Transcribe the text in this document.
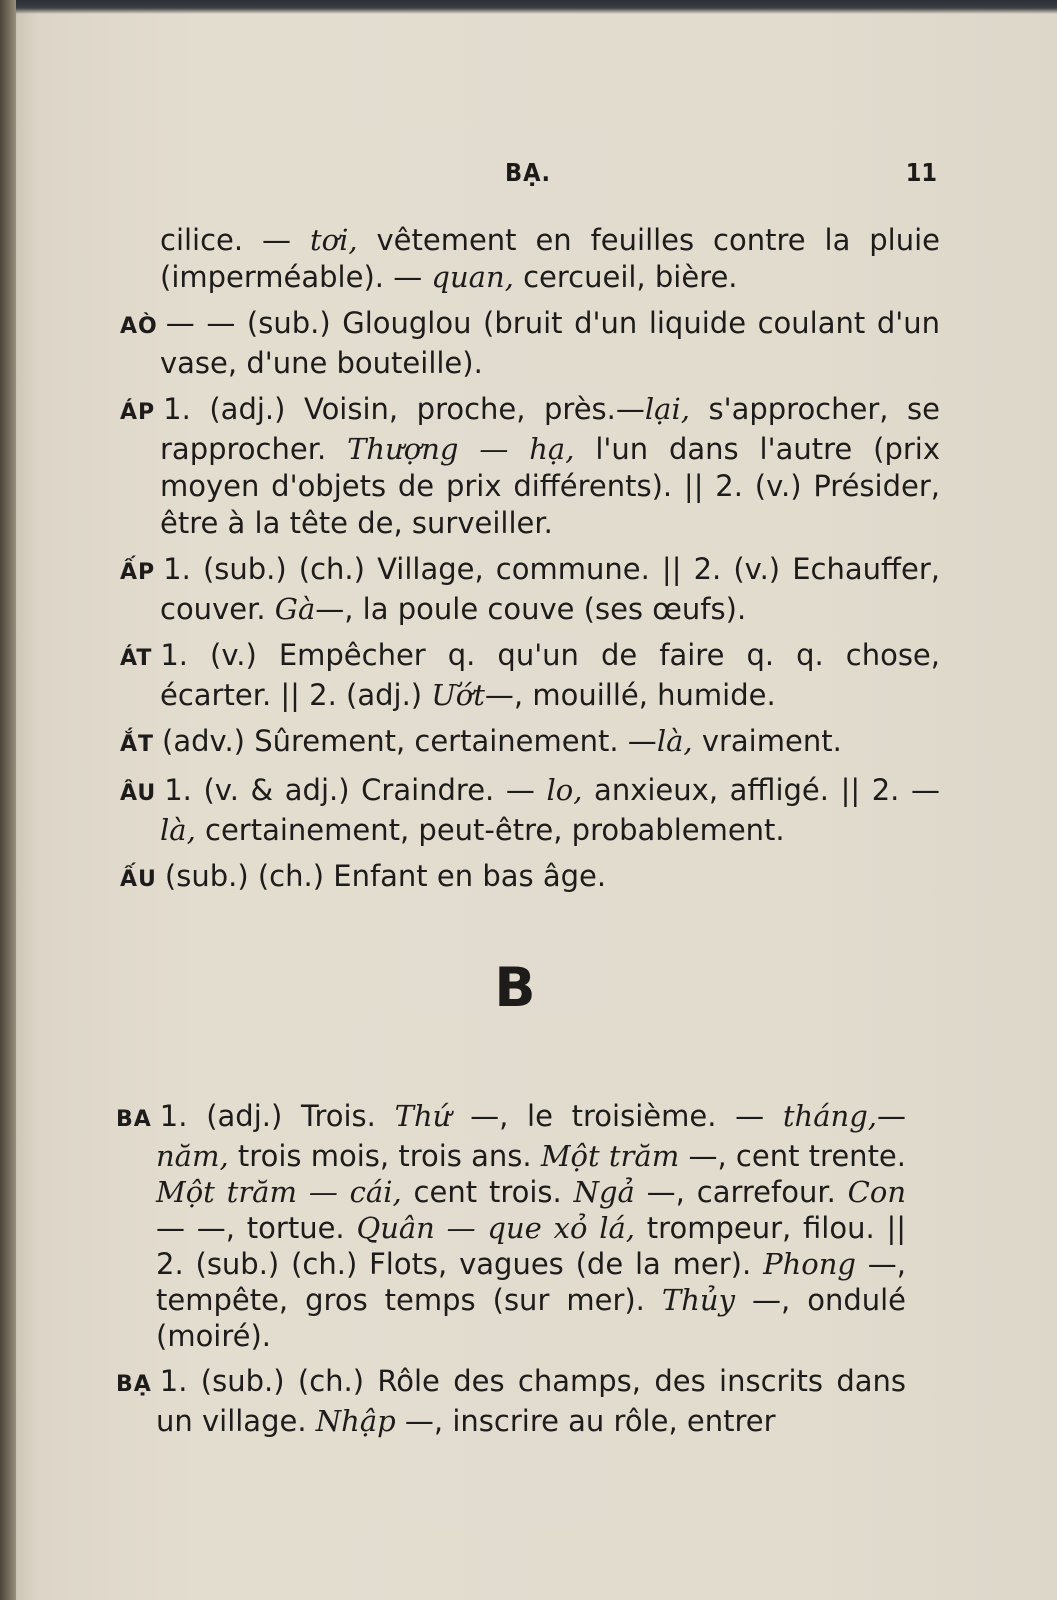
BẠ.	11

cilice. — tơi, vêtement en feuilles contre la pluie (imperméable). — quan, cercueil, bière.

AÒ — — (sub.) Glouglou (bruit d'un liquide coulant d'un vase, d'une bouteille).

ÁP 1. (adj.) Voisin, proche, près.—lại, s'approcher, se rapprocher. Thượng — hạ, l'un dans l'autre (prix moyen d'objets de prix différents). || 2. (v.) Présider, être à la tête de, surveiller.

ẤP 1. (sub.) (ch.) Village, commune. || 2. (v.) Echauffer, couver. Gà—, la poule couve (ses œufs).

ÁT 1. (v.) Empêcher q. qu'un de faire q. q. chose, écarter. || 2. (adj.) Ướt—, mouillé, humide.

ẮT (adv.) Sûrement, certainement. —là, vraiment.

ÂU 1. (v. & adj.) Craindre. — lo, anxieux, affligé. || 2. — là, certainement, peut-être, probablement.

ẤU (sub.) (ch.) Enfant en bas âge.

B

BA 1. (adj.) Trois. Thứ —, le troisième. — tháng,— năm, trois mois, trois ans. Một trăm —, cent trente. Một trăm — cái, cent trois. Ngả —, carrefour. Con — —, tortue. Quân — que xỏ lá, trompeur, filou. || 2. (sub.) (ch.) Flots, vagues (de la mer). Phong —, tempête, gros temps (sur mer). Thủy —, ondulé (moiré).

BẠ 1. (sub.) (ch.) Rôle des champs, des inscrits dans un village. Nhập —, inscrire au rôle, entrer
